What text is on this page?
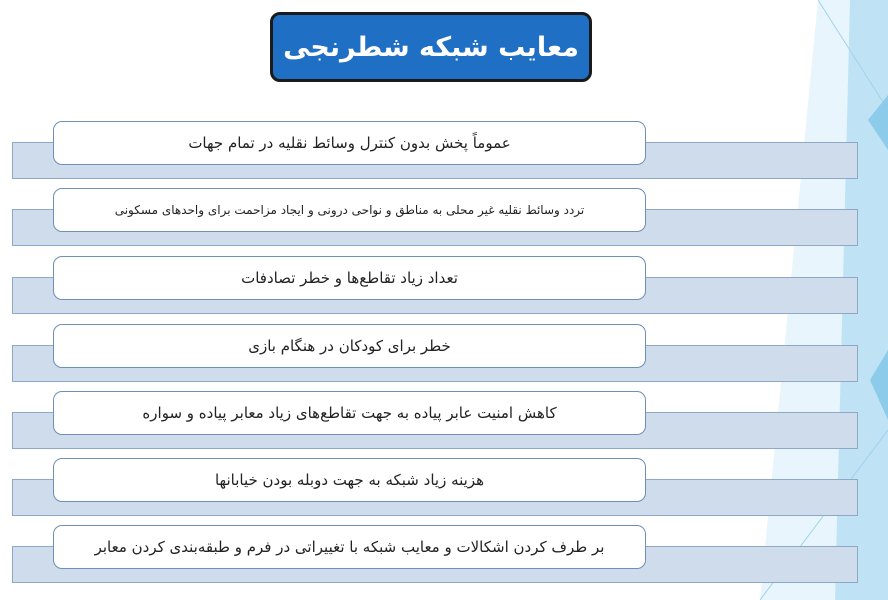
معایب شبکه شطرنجی
عموماً پخش بدون کنترل وسائط نقلیه در تمام جهات
تردد وسائط نقلیه غیر محلی به مناطق و نواحی درونی و ایجاد مزاحمت برای واحدهای مسکونی
تعداد زیاد تقاطع‌ها و خطر تصادفات
خطر برای کودکان در هنگام بازی
کاهش امنیت عابر پیاده به جهت تقاطع‌های زیاد معابر پیاده و سواره
هزینه زیاد شبکه به جهت دوبله بودن خیابانها
بر طرف کردن اشکالات و معایب شبکه با تغییراتی در فرم و طبقه‌بندی کردن معابر
